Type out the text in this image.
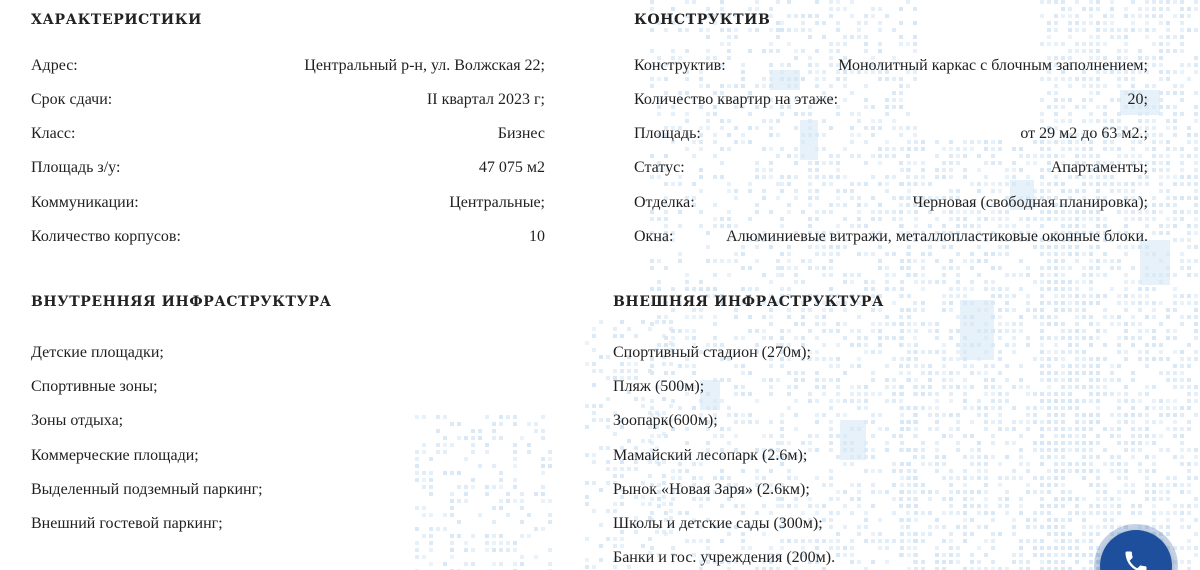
ХАРАКТЕРИСТИКИ
Адрес:	Центральный р-н, ул. Волжская 22;
Срок сдачи:	II квартал 2023 г;
Класс:	Бизнес
Площадь з/у:	47 075 м2
Коммуникации:	Центральные;
Количество корпусов:	10
КОНСТРУКТИВ
Конструктив:	Монолитный каркас с блочным заполнением;
Количество квартир на этаже:	20;
Площадь:	от 29 м2 до 63 м2.;
Статус:	Апартаменты;
Отделка:	Черновая (свободная планировка);
Окна:	Алюминиевые витражи, металлопластиковые оконные блоки.
ВНУТРЕННЯЯ ИНФРАСТРУКТУРА
Детские площадки;
Спортивные зоны;
Зоны отдыха;
Коммерческие площади;
Выделенный подземный паркинг;
Внешний гостевой паркинг;
ВНЕШНЯЯ ИНФРАСТРУКТУРА
Спортивный стадион (270м);
Пляж (500м);
Зоопарк(600м);
Мамайский лесопарк (2.6м);
Рынок «Новая Заря» (2.6км);
Школы и детские сады (300м);
Банки и гос. учреждения (200м).
